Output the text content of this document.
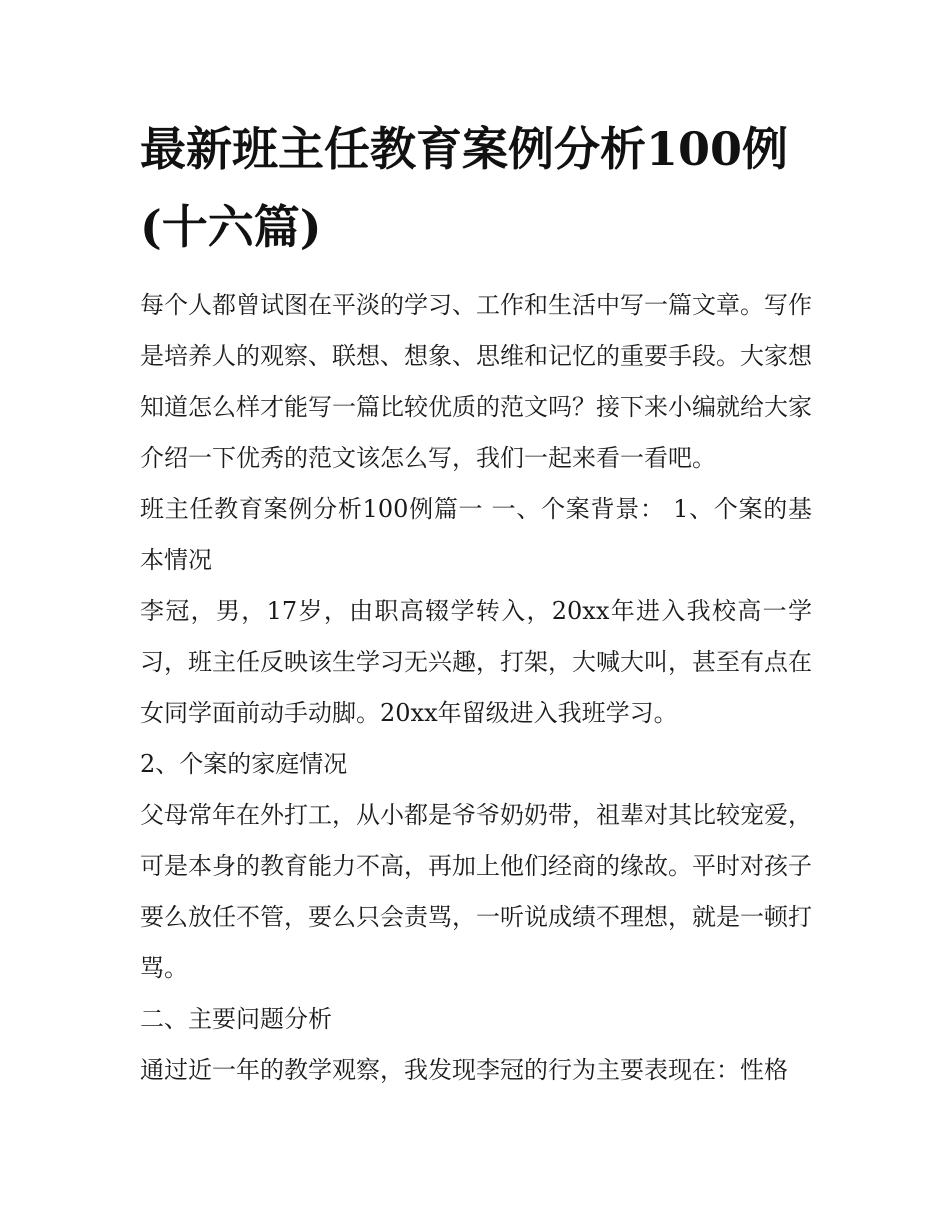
最新班主任教育案例分析100例(十六篇)

每个人都曾试图在平淡的学习、工作和生活中写一篇文章。写作是培养人的观察、联想、想象、思维和记忆的重要手段。大家想知道怎么样才能写一篇比较优质的范文吗？接下来小编就给大家介绍一下优秀的范文该怎么写，我们一起来看一看吧。

班主任教育案例分析100例篇一 一、个案背景： 1、个案的基本情况

李冠，男，17岁，由职高辍学转入，20xx年进入我校高一学习，班主任反映该生学习无兴趣，打架，大喊大叫，甚至有点在女同学面前动手动脚。20xx年留级进入我班学习。

2、个案的家庭情况

父母常年在外打工，从小都是爷爷奶奶带，祖辈对其比较宠爱，可是本身的教育能力不高，再加上他们经商的缘故。平时对孩子要么放任不管，要么只会责骂，一听说成绩不理想，就是一顿打骂。

二、主要问题分析

通过近一年的教学观察，我发现李冠的行为主要表现在：性格
